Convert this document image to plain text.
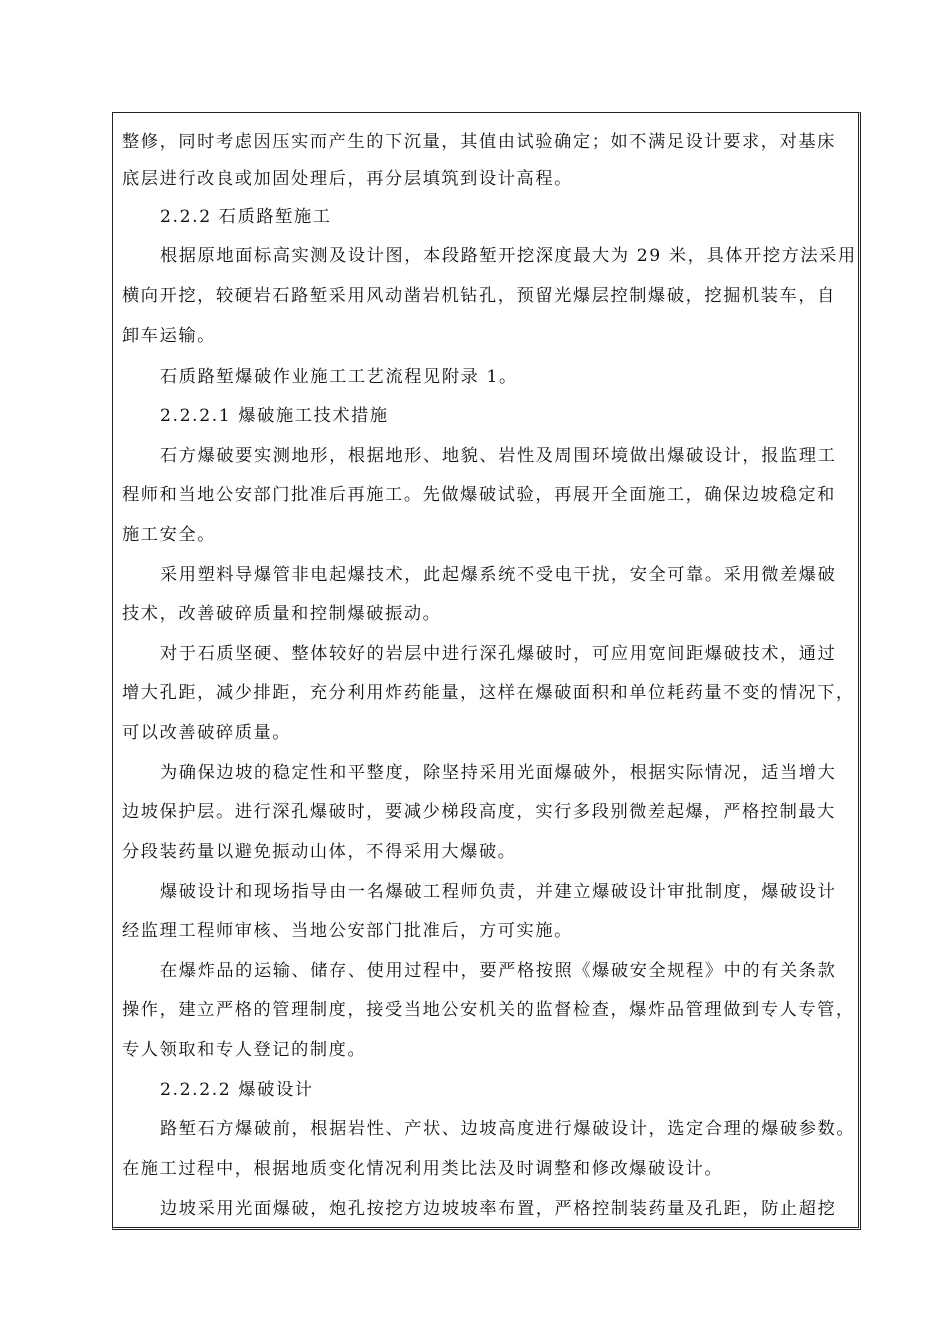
整修，同时考虑因压实而产生的下沉量，其值由试验确定；如不满足设计要求，对基床
底层进行改良或加固处理后，再分层填筑到设计高程。
2.2.2 石质路堑施工
根据原地面标高实测及设计图，本段路堑开挖深度最大为 29 米，具体开挖方法采用
横向开挖，较硬岩石路堑采用风动凿岩机钻孔，预留光爆层控制爆破，挖掘机装车，自
卸车运输。
石质路堑爆破作业施工工艺流程见附录 1。
2.2.2.1 爆破施工技术措施
石方爆破要实测地形，根据地形、地貌、岩性及周围环境做出爆破设计，报监理工
程师和当地公安部门批准后再施工。先做爆破试验，再展开全面施工，确保边坡稳定和
施工安全。
采用塑料导爆管非电起爆技术，此起爆系统不受电干扰，安全可靠。采用微差爆破
技术，改善破碎质量和控制爆破振动。
对于石质坚硬、整体较好的岩层中进行深孔爆破时，可应用宽间距爆破技术，通过
增大孔距，减少排距，充分利用炸药能量，这样在爆破面积和单位耗药量不变的情况下，
可以改善破碎质量。
为确保边坡的稳定性和平整度，除坚持采用光面爆破外，根据实际情况，适当增大
边坡保护层。进行深孔爆破时，要减少梯段高度，实行多段别微差起爆，严格控制最大
分段装药量以避免振动山体，不得采用大爆破。
爆破设计和现场指导由一名爆破工程师负责，并建立爆破设计审批制度，爆破设计
经监理工程师审核、当地公安部门批准后，方可实施。
在爆炸品的运输、储存、使用过程中，要严格按照《爆破安全规程》中的有关条款
操作，建立严格的管理制度，接受当地公安机关的监督检查，爆炸品管理做到专人专管，
专人领取和专人登记的制度。
2.2.2.2 爆破设计
路堑石方爆破前，根据岩性、产状、边坡高度进行爆破设计，选定合理的爆破参数。
在施工过程中，根据地质变化情况利用类比法及时调整和修改爆破设计。
边坡采用光面爆破，炮孔按挖方边坡坡率布置，严格控制装药量及孔距，防止超挖
